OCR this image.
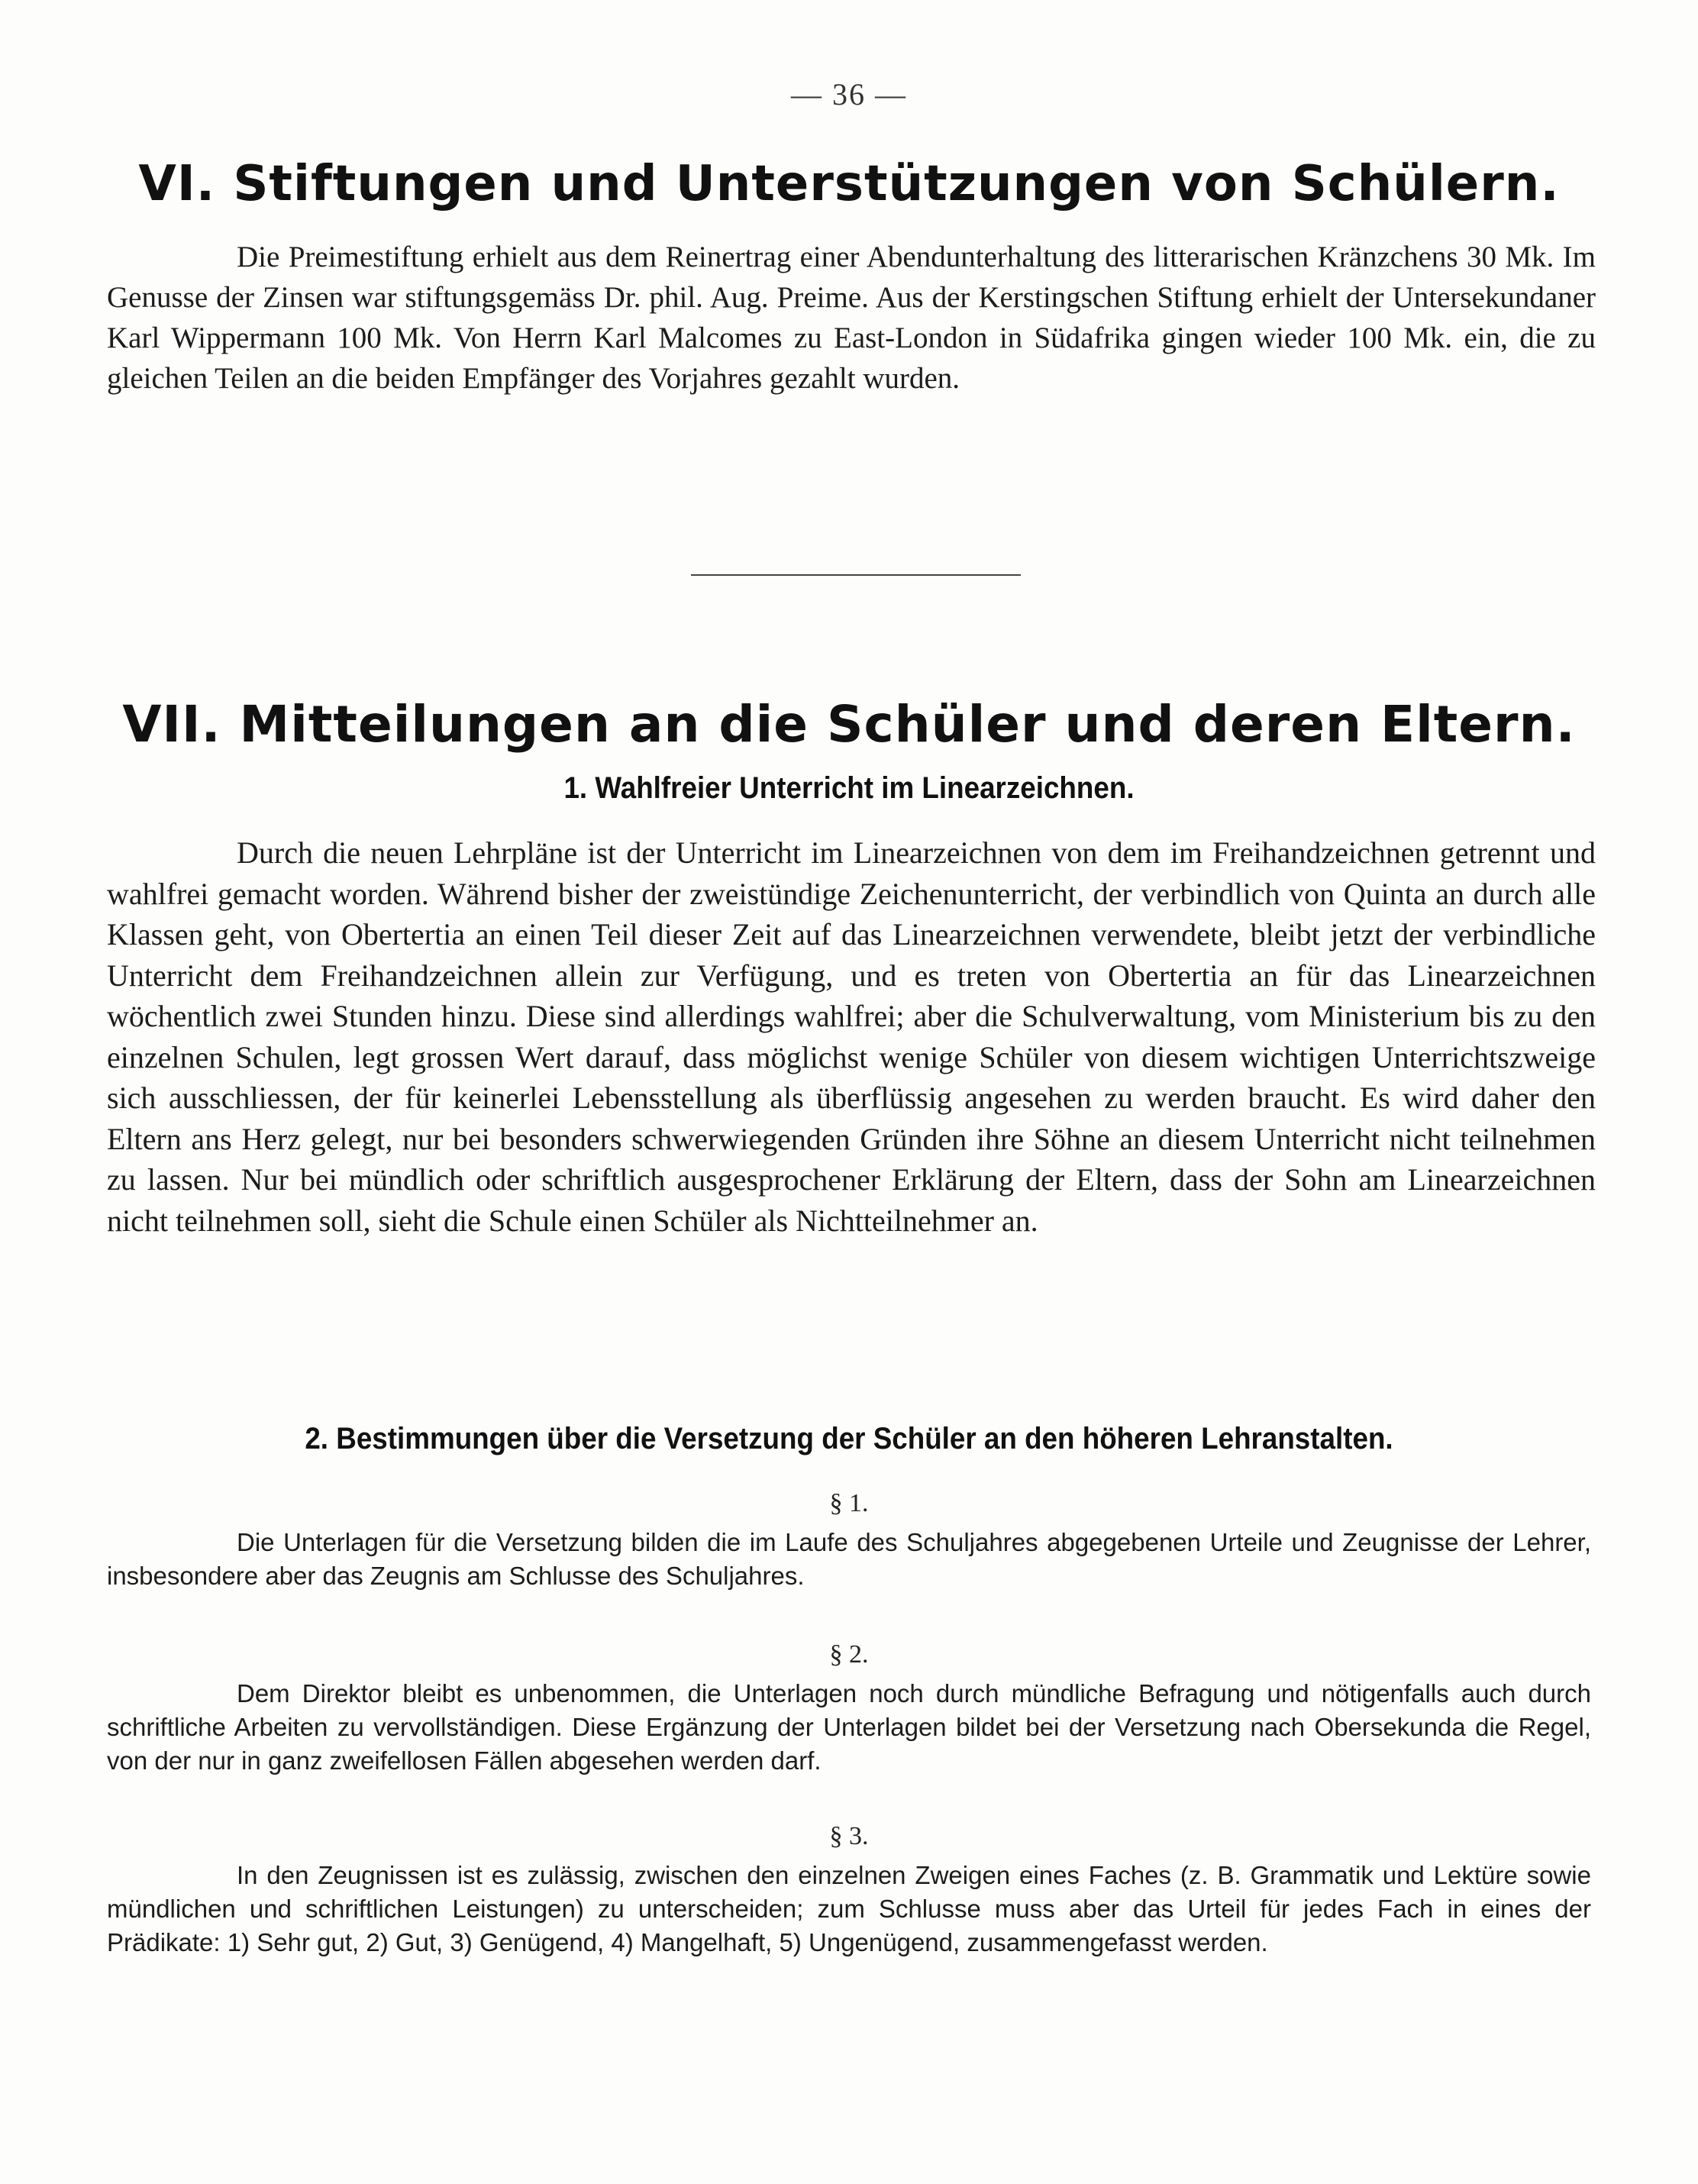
— 36 —
VI. Stiftungen und Unterstützungen von Schülern.
Die Preimestiftung erhielt aus dem Reinertrag einer Abendunterhaltung des litterarischen Kränzchens 30 Mk. Im Genusse der Zinsen war stiftungsgemäss Dr. phil. Aug. Preime. Aus der Kerstingschen Stiftung erhielt der Untersekundaner Karl Wippermann 100 Mk. Von Herrn Karl Malcomes zu East-London in Südafrika gingen wieder 100 Mk. ein, die zu gleichen Teilen an die beiden Empfänger des Vorjahres gezahlt wurden.
VII. Mitteilungen an die Schüler und deren Eltern.
1. Wahlfreier Unterricht im Linearzeichnen.
Durch die neuen Lehrpläne ist der Unterricht im Linearzeichnen von dem im Freihandzeichnen getrennt und wahlfrei gemacht worden. Während bisher der zweistündige Zeichenunterricht, der verbindlich von Quinta an durch alle Klassen geht, von Obertertia an einen Teil dieser Zeit auf das Linearzeichnen verwendete, bleibt jetzt der verbindliche Unterricht dem Freihandzeichnen allein zur Verfügung, und es treten von Obertertia an für das Linearzeichnen wöchentlich zwei Stunden hinzu. Diese sind allerdings wahlfrei; aber die Schulverwaltung, vom Ministerium bis zu den einzelnen Schulen, legt grossen Wert darauf, dass möglichst wenige Schüler von diesem wichtigen Unterrichtszweige sich ausschliessen, der für keinerlei Lebensstellung als überflüssig angesehen zu werden braucht. Es wird daher den Eltern ans Herz gelegt, nur bei besonders schwerwiegenden Gründen ihre Söhne an diesem Unterricht nicht teilnehmen zu lassen. Nur bei mündlich oder schriftlich ausgesprochener Erklärung der Eltern, dass der Sohn am Linearzeichnen nicht teilnehmen soll, sieht die Schule einen Schüler als Nichtteilnehmer an.
2. Bestimmungen über die Versetzung der Schüler an den höheren Lehranstalten.
§ 1.
Die Unterlagen für die Versetzung bilden die im Laufe des Schuljahres abgegebenen Urteile und Zeugnisse der Lehrer, insbesondere aber das Zeugnis am Schlusse des Schuljahres.
§ 2.
Dem Direktor bleibt es unbenommen, die Unterlagen noch durch mündliche Befragung und nötigenfalls auch durch schriftliche Arbeiten zu vervollständigen. Diese Ergänzung der Unterlagen bildet bei der Versetzung nach Obersekunda die Regel, von der nur in ganz zweifellosen Fällen abgesehen werden darf.
§ 3.
In den Zeugnissen ist es zulässig, zwischen den einzelnen Zweigen eines Faches (z. B. Grammatik und Lektüre sowie mündlichen und schriftlichen Leistungen) zu unterscheiden; zum Schlusse muss aber das Urteil für jedes Fach in eines der Prädikate: 1) Sehr gut, 2) Gut, 3) Genügend, 4) Mangelhaft, 5) Ungenügend, zusammengefasst werden.
